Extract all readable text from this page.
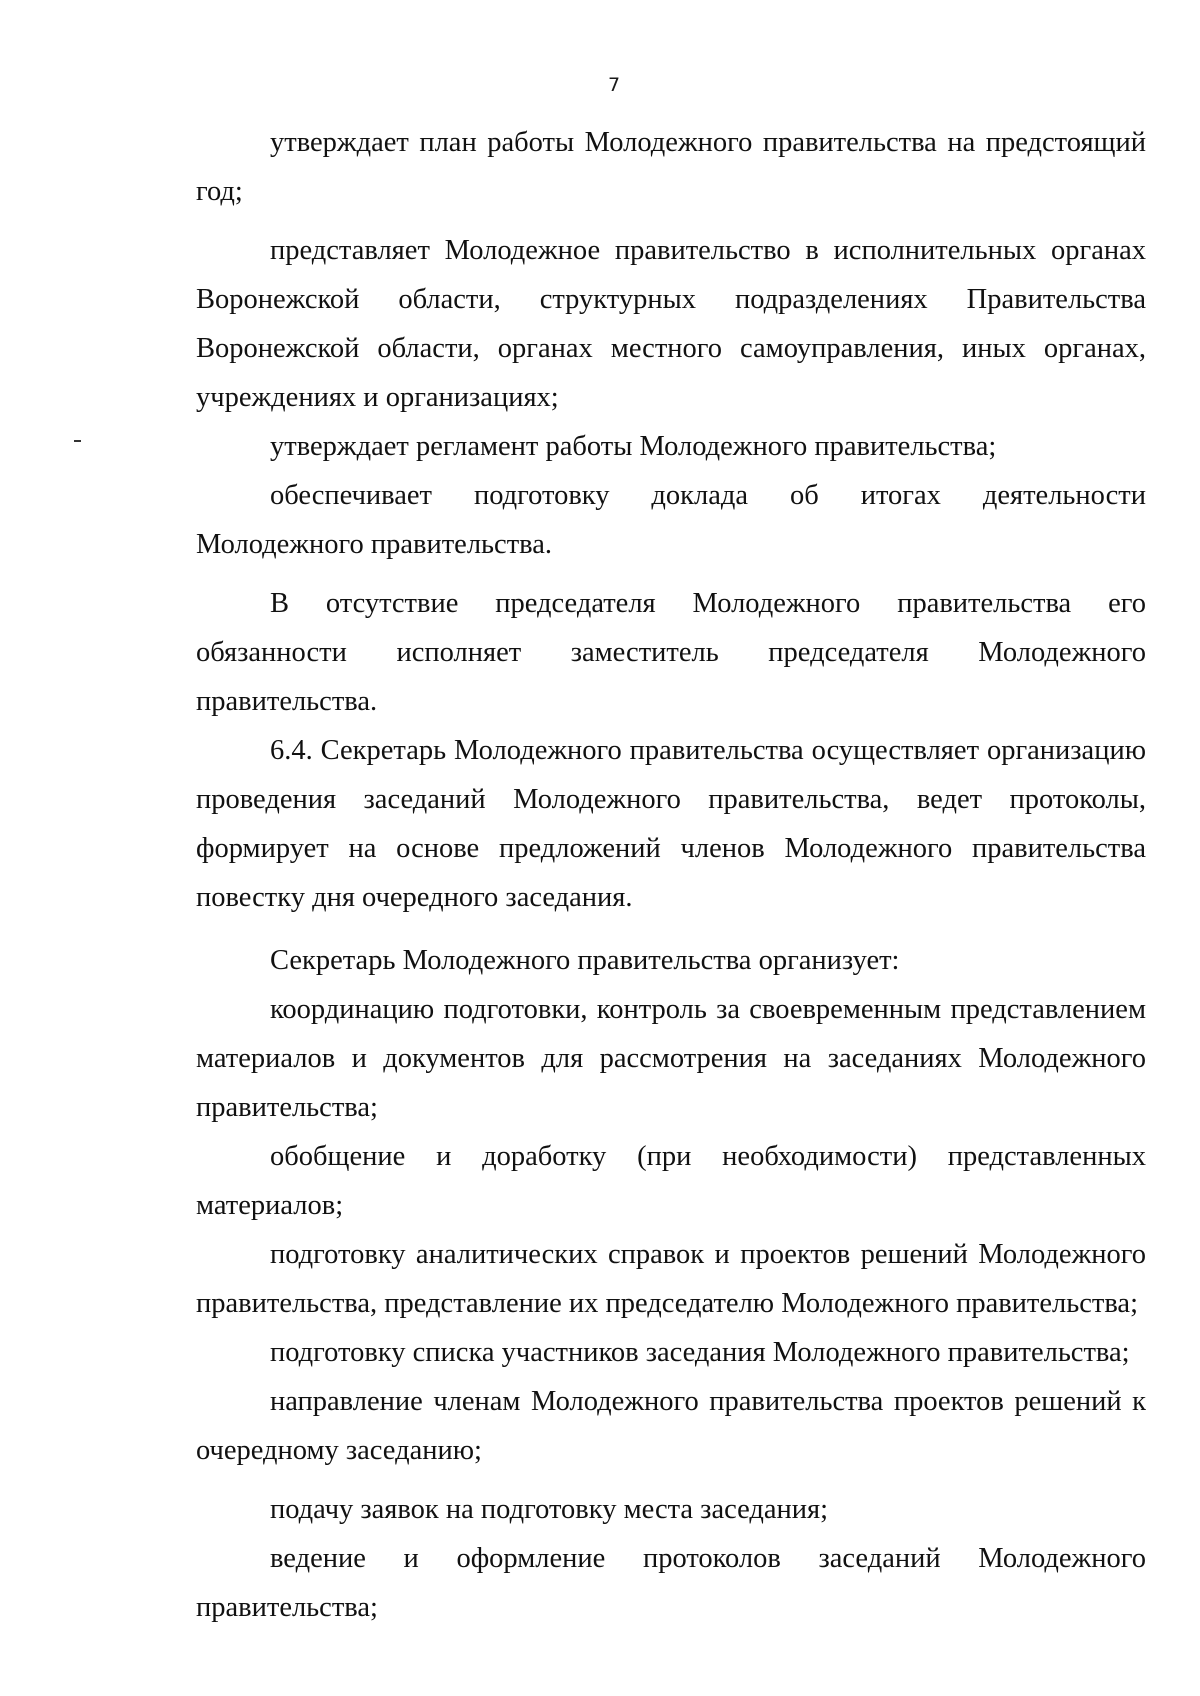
7

утверждает план работы Молодежного правительства на предстоящий год;

представляет Молодежное правительство в исполнительных органах Воронежской области, структурных подразделениях Правительства Воронежской области, органах местного самоуправления, иных органах, учреждениях и организациях;

утверждает регламент работы Молодежного правительства;

обеспечивает подготовку доклада об итогах деятельности Молодежного правительства.

В отсутствие председателя Молодежного правительства его обязанности исполняет заместитель председателя Молодежного правительства.

6.4. Секретарь Молодежного правительства осуществляет организацию проведения заседаний Молодежного правительства, ведет протоколы, формирует на основе предложений членов Молодежного правительства повестку дня очередного заседания.

Секретарь Молодежного правительства организует:

координацию подготовки, контроль за своевременным представлением материалов и документов для рассмотрения на заседаниях Молодежного правительства;

обобщение и доработку (при необходимости) представленных материалов;

подготовку аналитических справок и проектов решений Молодежного правительства, представление их председателю Молодежного правительства;

подготовку списка участников заседания Молодежного правительства;

направление членам Молодежного правительства проектов решений к очередному заседанию;

подачу заявок на подготовку места заседания;

ведение и оформление протоколов заседаний Молодежного правительства;
